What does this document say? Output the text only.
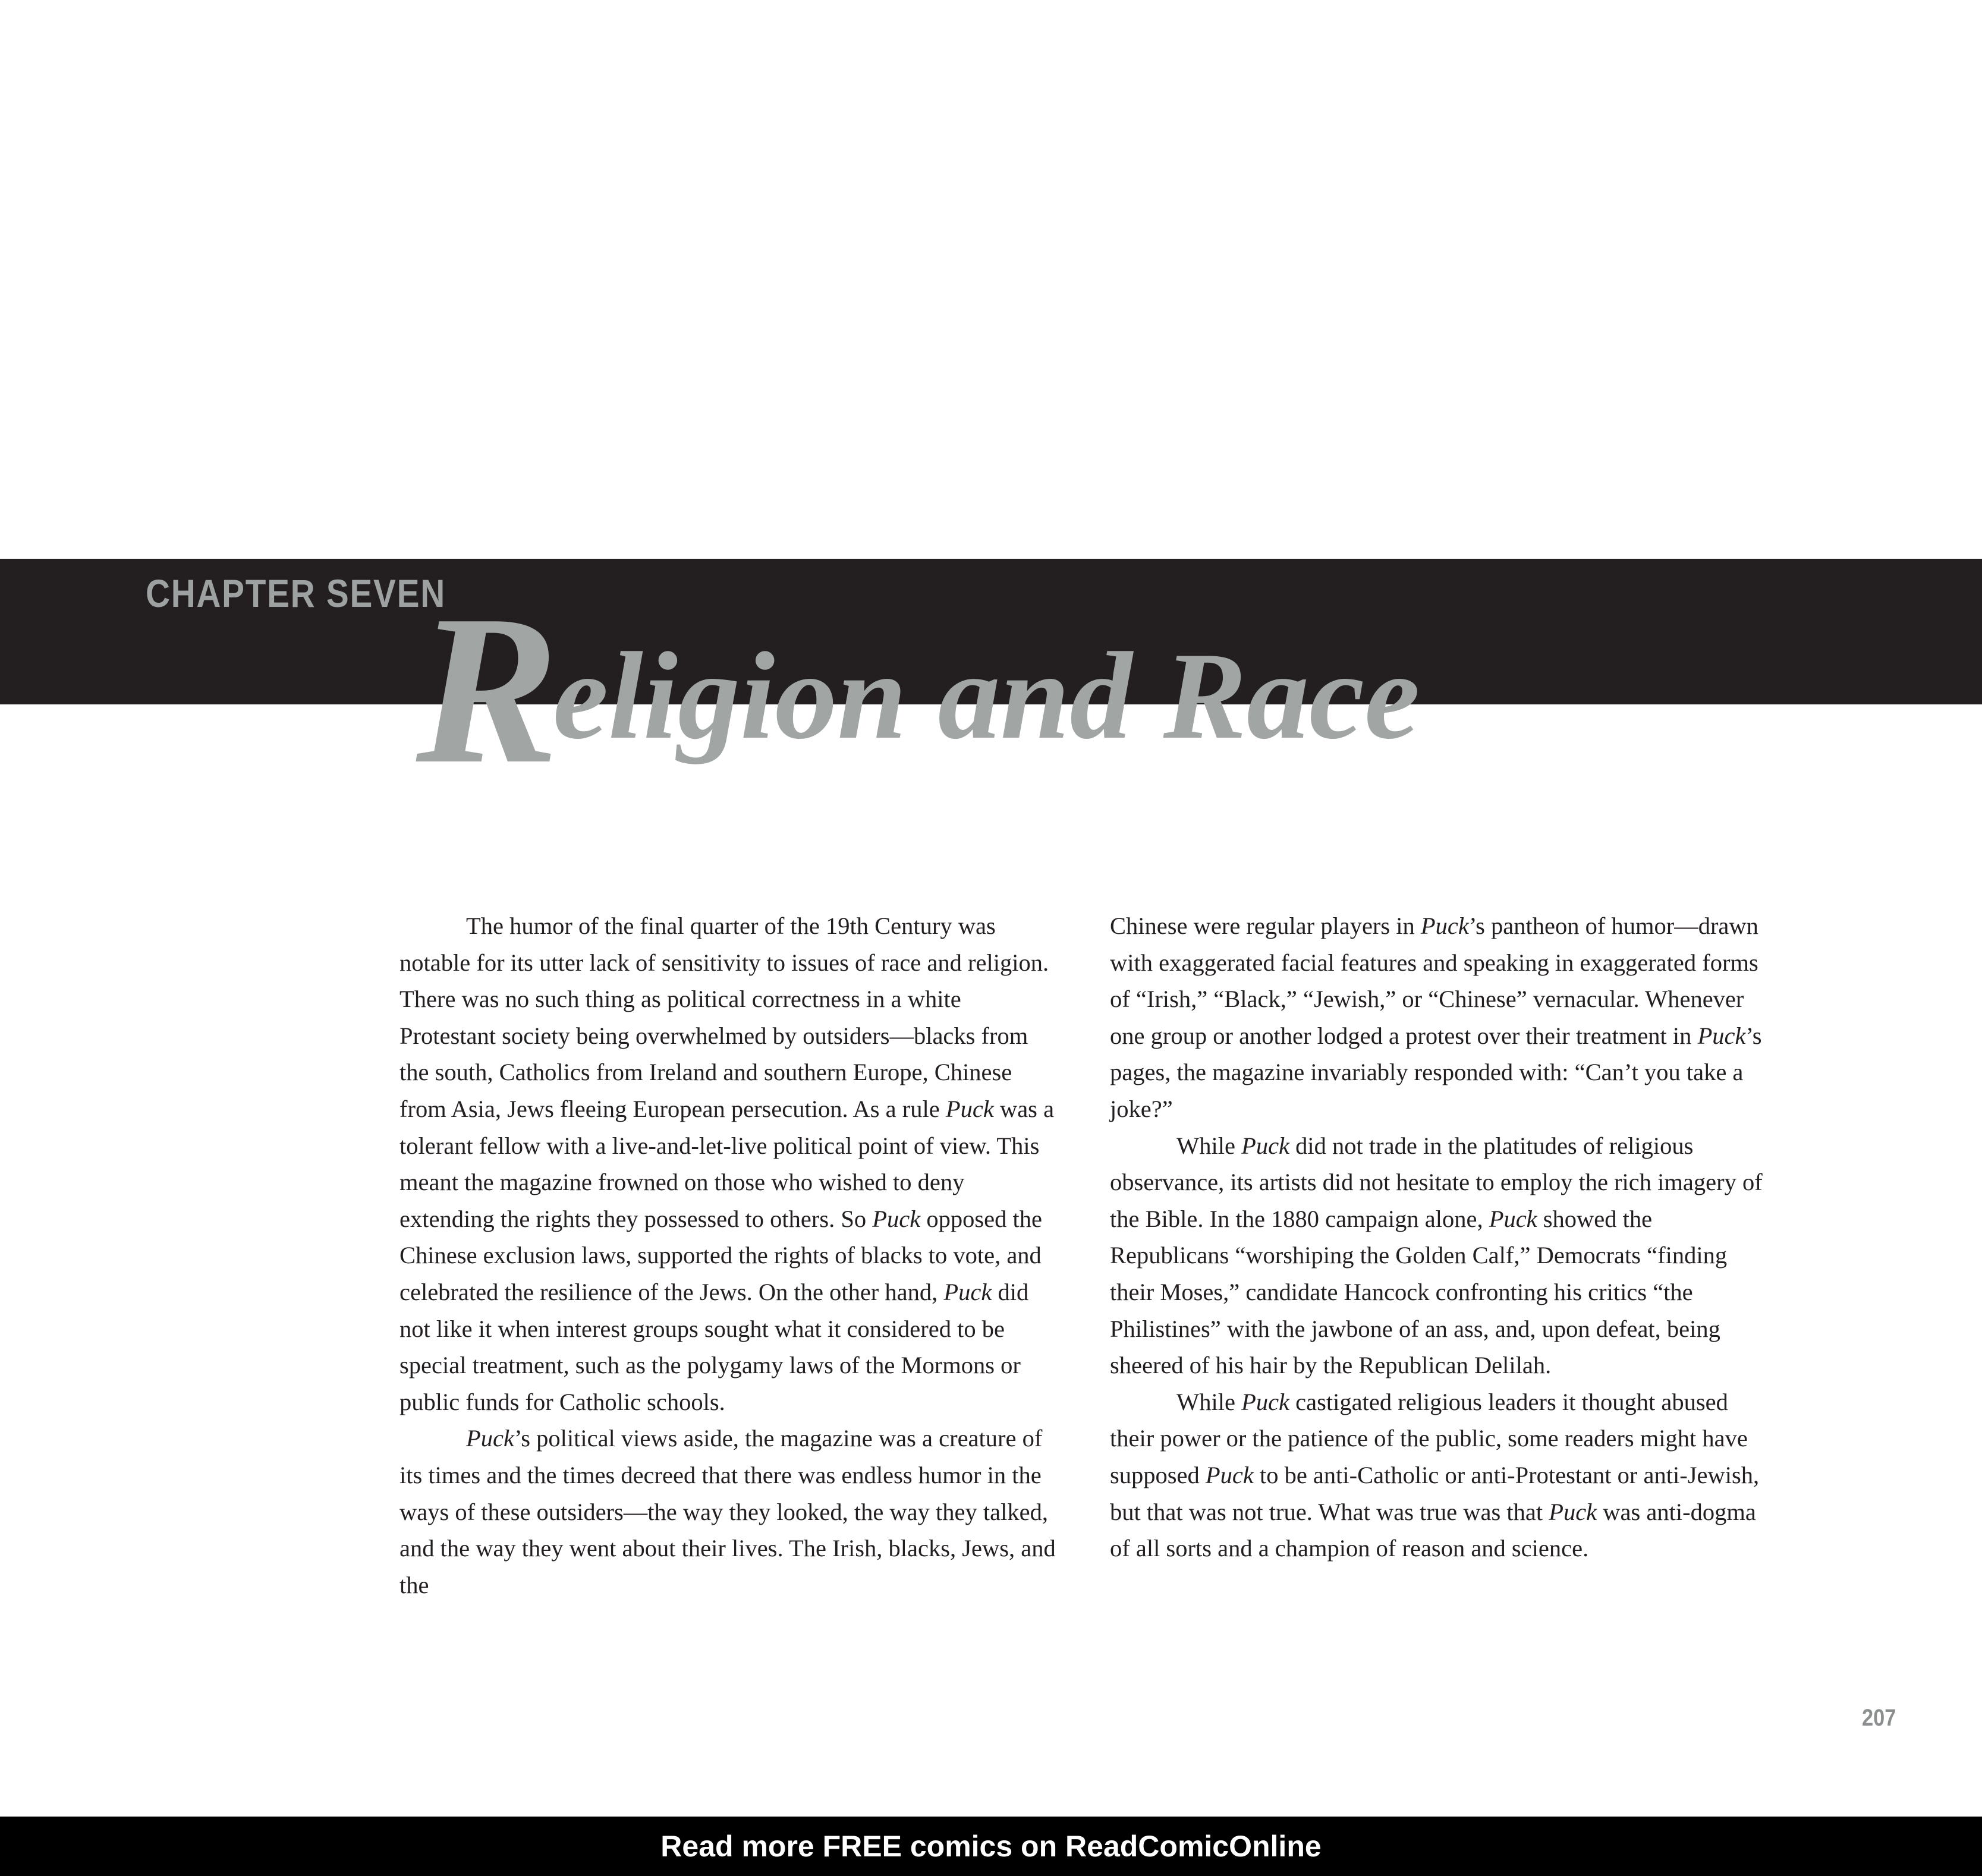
CHAPTER SEVEN
Religion and Race

The humor of the final quarter of the 19th Century was notable for its utter lack of sensitivity to issues of race and religion. There was no such thing as political correctness in a white Protestant society being overwhelmed by outsiders—blacks from the south, Catholics from Ireland and southern Europe, Chinese from Asia, Jews fleeing European persecution. As a rule Puck was a tolerant fellow with a live-and-let-live political point of view. This meant the magazine frowned on those who wished to deny extending the rights they possessed to others. So Puck opposed the Chinese exclusion laws, supported the rights of blacks to vote, and celebrated the resilience of the Jews. On the other hand, Puck did not like it when interest groups sought what it considered to be special treatment, such as the polygamy laws of the Mormons or public funds for Catholic schools.

Puck’s political views aside, the magazine was a creature of its times and the times decreed that there was endless humor in the ways of these outsiders—the way they looked, the way they talked, and the way they went about their lives. The Irish, blacks, Jews, and the

Chinese were regular players in Puck’s pantheon of humor—drawn with exaggerated facial features and speaking in exaggerated forms of “Irish,” “Black,” “Jewish,” or “Chinese” vernacular. Whenever one group or another lodged a protest over their treatment in Puck’s pages, the magazine invariably responded with: “Can’t you take a joke?”

While Puck did not trade in the platitudes of religious observance, its artists did not hesitate to employ the rich imagery of the Bible. In the 1880 campaign alone, Puck showed the Republicans “worshiping the Golden Calf,” Democrats “finding their Moses,” candidate Hancock confronting his critics “the Philistines” with the jawbone of an ass, and, upon defeat, being sheered of his hair by the Republican Delilah.

While Puck castigated religious leaders it thought abused their power or the patience of the public, some readers might have supposed Puck to be anti-Catholic or anti-Protestant or anti-Jewish, but that was not true. What was true was that Puck was anti-dogma of all sorts and a champion of reason and science.

207
Read more FREE comics on ReadComicOnline
